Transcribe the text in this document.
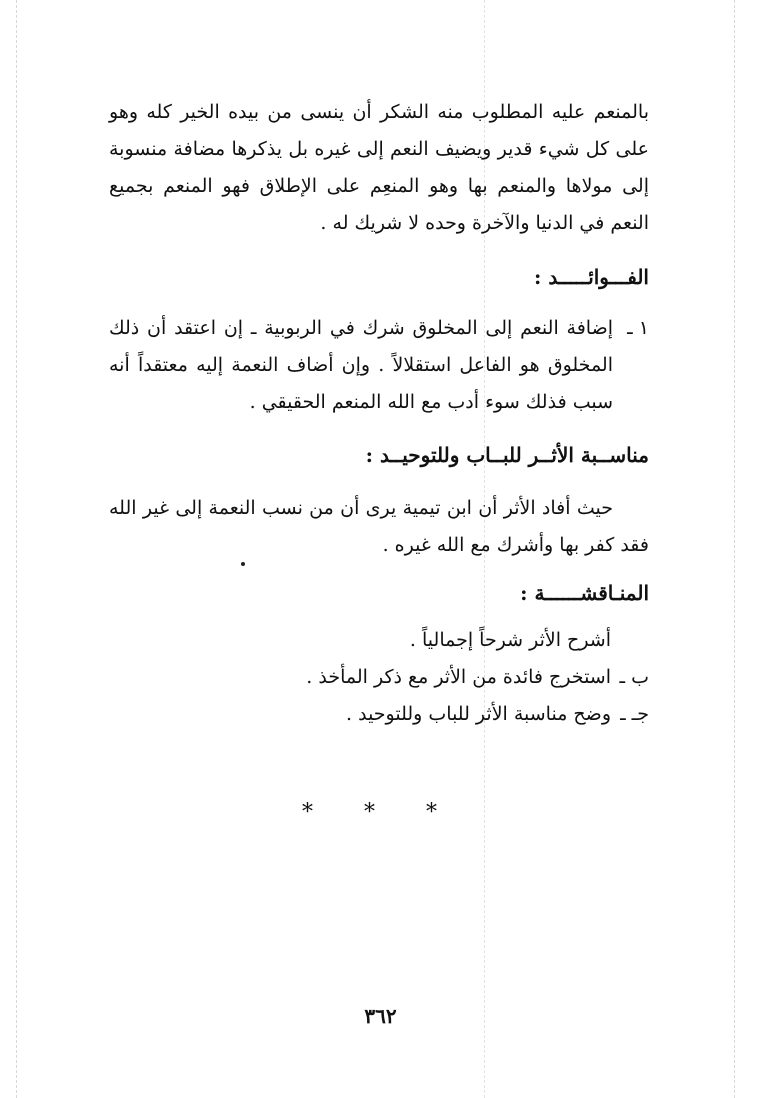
بالمنعم عليه المطلوب منه الشكر أن ينسى من بيده الخير كله وهو على كل شيء قدير ويضيف النعم إلى غيره بل يذكرها مضافة منسوبة إلى مولاها والمنعم بها وهو المنعِم على الإطلاق فهو المنعم بجميع النعم في الدنيا والآخرة وحده لا شريك له .

الفـــوائـــــد :
١ ـ
إضافة النعم إلى المخلوق شرك في الربوبية ـ إن اعتقد أن ذلك المخلوق هو الفاعل استقلالاً . وإن أضاف النعمة إليه معتقداً أنه سبب فذلك سوء أدب مع الله المنعم الحقيقي .
مناســبة الأثــر للبــاب وللتوحيــد :

حيث أفاد الأثر أن ابن تيمية يرى أن من نسب النعمة إلى غير الله فقد كفر بها وأشرك مع الله غيره .

المنـاقشــــــة :
أشرح الأثر شرحاً إجمالياً .
ب ـ
استخرج فائدة من الأثر مع ذكر المأخذ .
جـ ـ
وضح مناسبة الأثر للباب وللتوحيد .
* * *
٣٦٢
